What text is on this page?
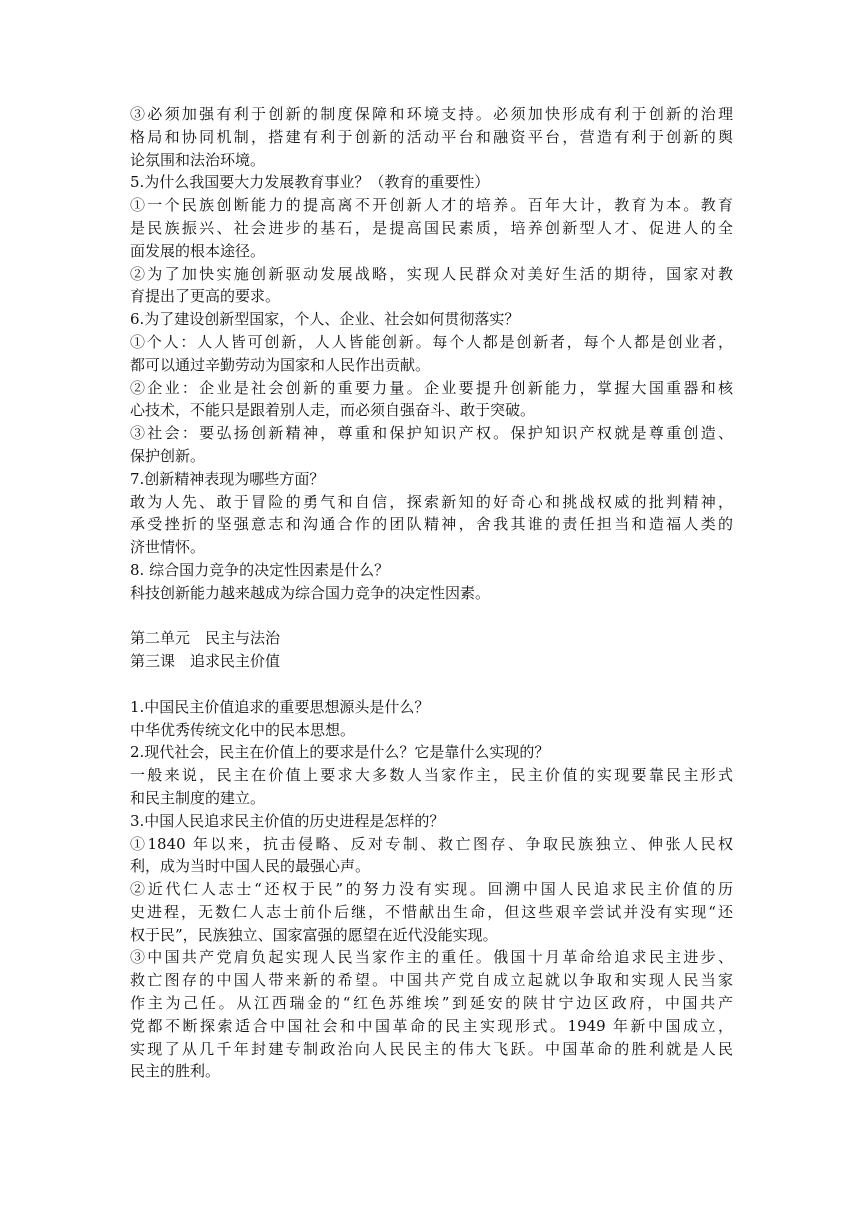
③必须加强有利于创新的制度保障和环境支持。必须加快形成有利于创新的治理
格局和协同机制，搭建有利于创新的活动平台和融资平台，营造有利于创新的舆
论氛围和法治环境。
5.为什么我国要大力发展教育事业？（教育的重要性）
①一个民族创断能力的提高离不开创新人才的培养。百年大计，教育为本。教育
是民族振兴、社会进步的基石，是提高国民素质，培养创新型人才、促进人的全
面发展的根本途径。
②为了加快实施创新驱动发展战略，实现人民群众对美好生活的期待，国家对教
育提出了更高的要求。
6.为了建设创新型国家，个人、企业、社会如何贯彻落实？
①个人：人人皆可创新，人人皆能创新。每个人都是创新者，每个人都是创业者，
都可以通过辛勤劳动为国家和人民作出贡献。
②企业：企业是社会创新的重要力量。企业要提升创新能力，掌握大国重器和核
心技术，不能只是跟着别人走，而必须自强奋斗、敢于突破。
③社会：要弘扬创新精神，尊重和保护知识产权。保护知识产权就是尊重创造、
保护创新。
7.创新精神表现为哪些方面？
敢为人先、敢于冒险的勇气和自信，探索新知的好奇心和挑战权威的批判精神，
承受挫折的坚强意志和沟通合作的团队精神，舍我其谁的责任担当和造福人类的
济世情怀。
8. 综合国力竞争的决定性因素是什么？
科技创新能力越来越成为综合国力竞争的决定性因素。
第二单元　民主与法治
第三课　追求民主价值
1.中国民主价值追求的重要思想源头是什么？
中华优秀传统文化中的民本思想。
2.现代社会，民主在价值上的要求是什么？它是靠什么实现的？
一般来说，民主在价值上要求大多数人当家作主，民主价值的实现要靠民主形式
和民主制度的建立。
3.中国人民追求民主价值的历史进程是怎样的？
①1840 年以来，抗击侵略、反对专制、救亡图存、争取民族独立、伸张人民权
利，成为当时中国人民的最强心声。
②近代仁人志士“还权于民”的努力没有实现。回溯中国人民追求民主价值的历
史进程，无数仁人志士前仆后继，不惜献出生命，但这些艰辛尝试并没有实现“还
权于民”，民族独立、国家富强的愿望在近代没能实现。
③中国共产党肩负起实现人民当家作主的重任。俄国十月革命给追求民主进步、
救亡图存的中国人带来新的希望。中国共产党自成立起就以争取和实现人民当家
作主为己任。从江西瑞金的“红色苏维埃”到延安的陕甘宁边区政府，中国共产
党都不断探索适合中国社会和中国革命的民主实现形式。1949 年新中国成立，
实现了从几千年封建专制政治向人民民主的伟大飞跃。中国革命的胜利就是人民
民主的胜利。
